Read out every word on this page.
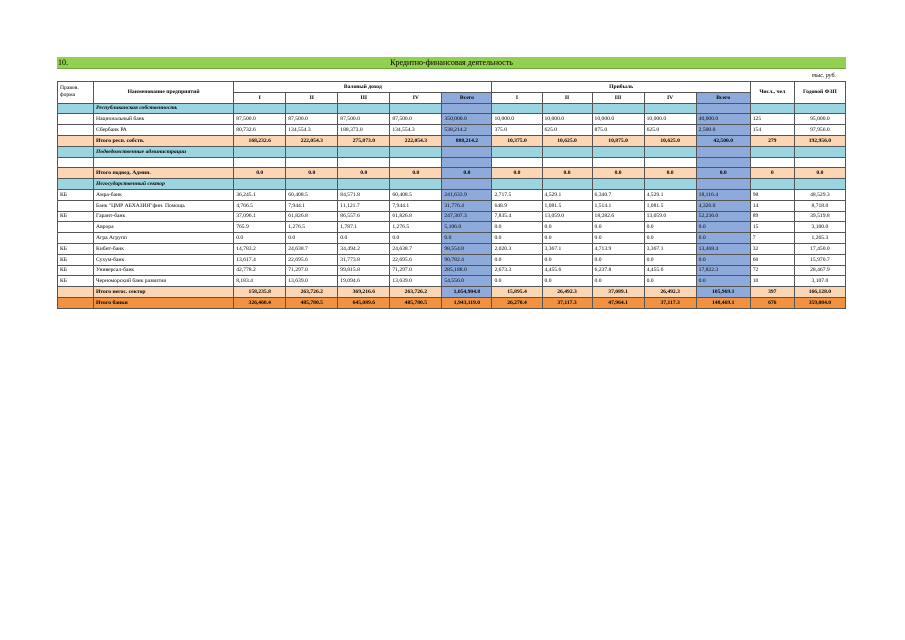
10.	Кредитно-финансовая деятельность
тыс. руб.
Правов. форма	Наименование предприятий	Валовый доход					Прибыль					Числ., чел	Годовой ФЗП
		I	II	III	IV	Всего	I	II	III	IV	Всего		
	Республиканская собственность												
	Национальный банк	87,500.0	87,500.0	87,500.0	87,500.0	350,000.0	10,000.0	10,000.0	10,000.0	10,000.0	40,000.0	125	95,000.0
	Сбербанк РА	80,732.6	134,554.3	188,373.0	134,554.3	538,214.2	375.0	625.0	875.0	625.0	2,500.0	154	97,956.0
	Итого респ. собств.	168,232.6	222,054.3	275,873.0	222,054.3	888,214.2	10,375.0	10,625.0	10,875.0	10,625.0	42,500.0	279	192,956.0
	Подведомственные администрации												

	Итого подвед. Админ.	0.0	0.0	0.0	0.0	0.0	0.0	0.0	0.0	0.0	0.0	0	0.0
	Негосударственный сектор												
КБ	Амра-банк	36,245.1	60,408.5	84,571.8	60,408.5	241,633.9	2,717.5	4,529.1	6,340.7	4,529.1	18,116.4	98	48,529.3
	Банк "ЦМР АБХАЗИЯ"фин. Помощь	4,766.5	7,944.1	11,121.7	7,944.1	31,776.4	648.9	1,081.5	1,514.1	1,081.5	4,326.0	14	8,718.0
КБ	Гарант-банк	37,096.1	61,826.8	86,557.6	61,826.8	247,307.3	7,835.4	13,059.0	18,282.6	13,059.0	52,236.0	89	39,519.8
	Аврора	765.9	1,276.5	1,787.1	1,276.5	5,106.0	0.0	0.0	0.0	0.0	0.0	15	3,100.0
	Агра Агрупп	0.0	0.0	0.0	0.0	0.0	0.0	0.0	0.0	0.0	0.0	7	1,265.3
КБ	Кибит-банк	14,783.2	24,638.7	34,494.2	24,638.7	98,554.8	2,020.3	3,367.1	4,713.9	3,367.1	13,468.4	32	17,450.0
КБ	Сухум-банк	13,617.4	22,695.6	31,773.8	22,695.6	90,782.4	0.0	0.0	0.0	0.0	0.0	60	15,970.7
КБ	Универсал-банк	42,778.2	71,297.0	99,815.8	71,297.0	285,188.0	2,673.3	4,455.6	6,237.8	4,455.6	17,822.3	72	28,467.9
КБ	Черноморский банк развития	8,183.4	13,639.0	19,094.6	13,639.0	54,556.0	0.0	0.0	0.0	0.0	0.0	10	3,107.0
	Итого негос. сектор	158,235.8	263,726.2	369,216.6	263,726.2	1,054,904.8	15,895.4	26,492.3	37,089.1	26,492.3	105,969.1	397	166,128.0
	Итого банки	326,468.4	485,780.5	645,089.6	485,780.5	1,943,119.0	26,270.4	37,117.3	47,964.1	37,117.3	148,469.1	676	359,084.0
